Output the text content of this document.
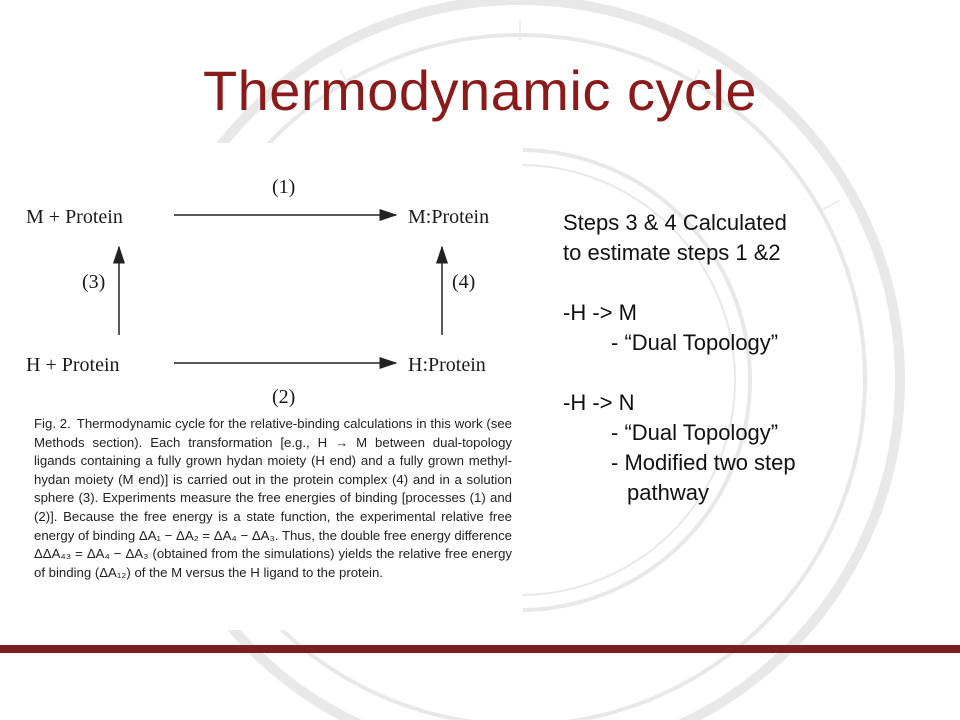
Thermodynamic cycle
M + Protein	M:Protein
H + Protein	H:Protein
(1)
(2)
(3)	(4)

Fig. 2. Thermodynamic cycle for the relative-binding calculations in this work (see Methods section). Each transformation [e.g., H → M between dual-topology ligands containing a fully grown hydan moiety (H end) and a fully grown methyl-hydan moiety (M end)] is carried out in the protein complex (4) and in a solution sphere (3). Experiments measure the free energies of binding [processes (1) and (2)]. Because the free energy is a state function, the experimental relative free energy of binding ΔA₁ − ΔA₂ = ΔA₄ − ΔA₃. Thus, the double free energy difference ΔΔA₄₃ = ΔA₄ − ΔA₃ (obtained from the simulations) yields the relative free energy of binding (ΔA₁₂) of the M versus the H ligand to the protein.

Steps 3 & 4 Calculated

to estimate steps 1 &2

-H -> M

- “Dual Topology”

-H -> N

- “Dual Topology”

- Modified two step

pathway
